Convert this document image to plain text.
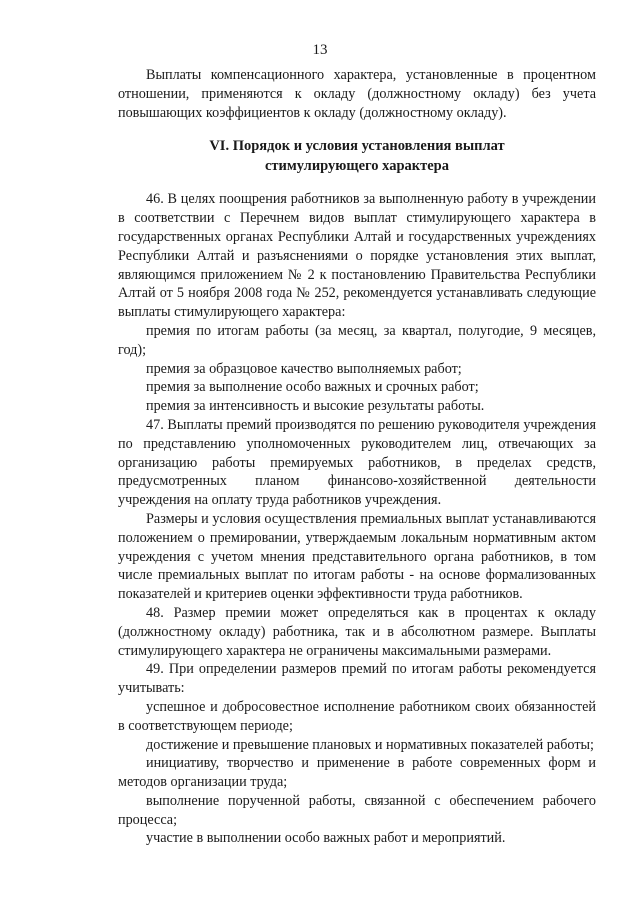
13

Выплаты компенсационного характера, установленные в процентном отношении, применяются к окладу (должностному окладу) без учета повышающих коэффициентов к окладу (должностному окладу).

VI. Порядок и условия установления выплат
стимулирующего характера

46. В целях поощрения работников за выполненную работу в учреждении в соответствии с Перечнем видов выплат стимулирующего характера в государственных органах Республики Алтай и государственных учреждениях Республики Алтай и разъяснениями о порядке установления этих выплат, являющимся приложением № 2 к постановлению Правительства Республики Алтай от 5 ноября 2008 года № 252, рекомендуется устанавливать следующие выплаты стимулирующего характера:

премия по итогам работы (за месяц, за квартал, полугодие, 9 месяцев, год);

премия за образцовое качество выполняемых работ;

премия за выполнение особо важных и срочных работ;

премия за интенсивность и высокие результаты работы.

47. Выплаты премий производятся по решению руководителя учреждения по представлению уполномоченных руководителем лиц, отвечающих за организацию работы премируемых работников, в пределах средств, предусмотренных планом финансово-хозяйственной деятельности учреждения на оплату труда работников учреждения.

Размеры и условия осуществления премиальных выплат устанавливаются положением о премировании, утверждаемым локальным нормативным актом учреждения с учетом мнения представительного органа работников, в том числе премиальных выплат по итогам работы - на основе формализованных показателей и критериев оценки эффективности труда работников.

48. Размер премии может определяться как в процентах к окладу (должностному окладу) работника, так и в абсолютном размере. Выплаты стимулирующего характера не ограничены максимальными размерами.

49. При определении размеров премий по итогам работы рекомендуется учитывать:

успешное и добросовестное исполнение работником своих обязанностей в соответствующем периоде;

достижение и превышение плановых и нормативных показателей работы;

инициативу, творчество и применение в работе современных форм и методов организации труда;

выполнение порученной работы, связанной с обеспечением рабочего процесса;

участие в выполнении особо важных работ и мероприятий.
